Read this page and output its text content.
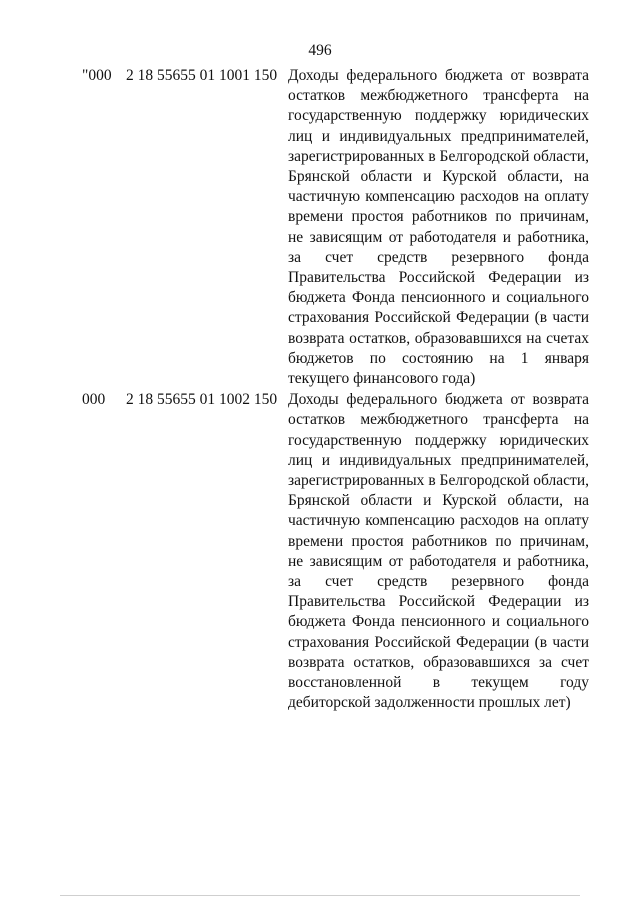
496
"000 2 18 55655 01 1001 150 Доходы федерального бюджета от возврата остатков межбюджетного трансферта на государственную поддержку юридических лиц и индивидуальных предпринимателей, зарегистрированных в Белгородской области, Брянской области и Курской области, на частичную компенсацию расходов на оплату времени простоя работников по причинам, не зависящим от работодателя и работника, за счет средств резервного фонда Правительства Российской Федерации из бюджета Фонда пенсионного и социального страхования Российской Федерации (в части возврата остатков, образовавшихся на счетах бюджетов по состоянию на 1 января текущего финансового года)
000	2 18 55655 01 1002 150 Доходы федерального бюджета от возврата остатков межбюджетного трансферта на государственную поддержку юридических лиц и индивидуальных предпринимателей, зарегистрированных в Белгородской области, Брянской области и Курской области, на частичную компенсацию расходов на оплату времени простоя работников по причинам, не зависящим от работодателя и работника, за счет средств резервного фонда Правительства Российской Федерации из бюджета Фонда пенсионного и социального страхования Российской Федерации (в части возврата остатков, образовавшихся за счет восстановленной в текущем году дебиторской задолженности прошлых лет)
